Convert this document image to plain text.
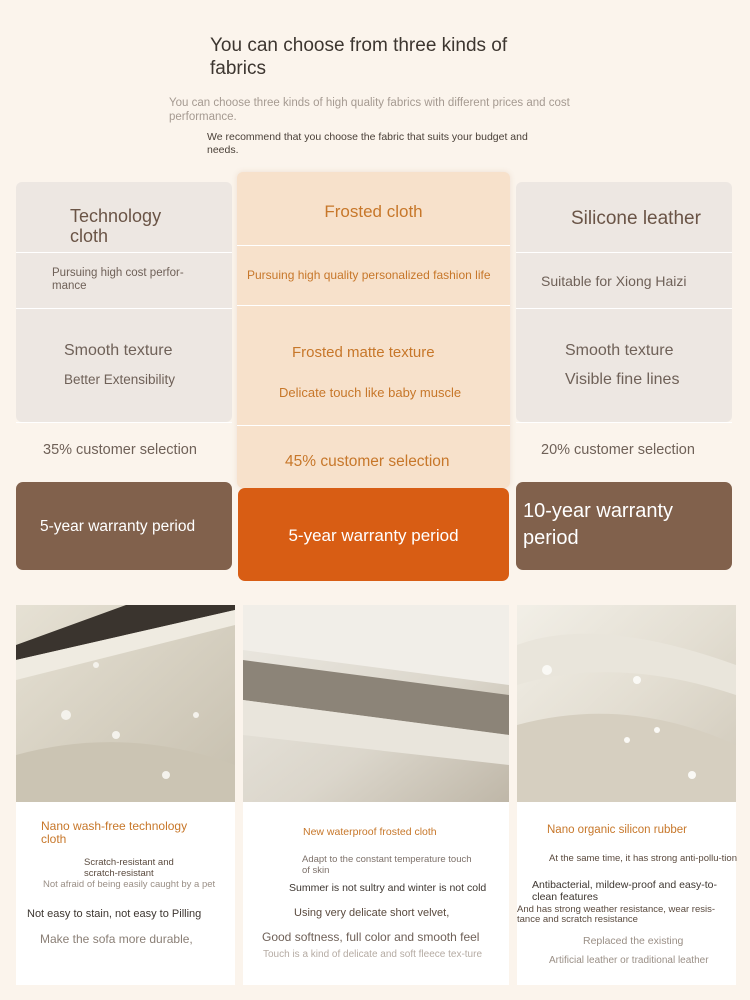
You can choose from three kinds of fabrics
You can choose three kinds of high quality fabrics with different prices and cost performance.
We recommend that you choose the fabric that suits your budget and needs.
Technology cloth
Pursuing high cost perfor-mance
Smooth texture
Better Extensibility
35% customer selection
5-year warranty period
Frosted cloth
Pursuing high quality personalized fashion life
Frosted matte texture
Delicate touch like baby muscle
45% customer selection
5-year warranty period
Silicone leather
Suitable for Xiong Haizi
Smooth texture
Visible fine lines
20% customer selection
10-year warranty period
Nano wash-free technology cloth
Scratch-resistant and scratch-resistant
Not afraid of being easily caught by a pet
Not easy to stain, not easy to Pilling
Make the sofa more durable,
New waterproof frosted cloth
Adapt to the constant temperature touch of skin
Summer is not sultry and winter is not cold
Using very delicate short velvet,
Good softness, full color and smooth feel
Touch is a kind of delicate and soft fleece tex-ture
Nano organic silicon rubber
At the same time, it has strong anti-pollu-tion
Antibacterial, mildew-proof and easy-to-clean features
And has strong weather resistance, wear resis-tance and scratch resistance
Replaced the existing
Artificial leather or traditional leather
